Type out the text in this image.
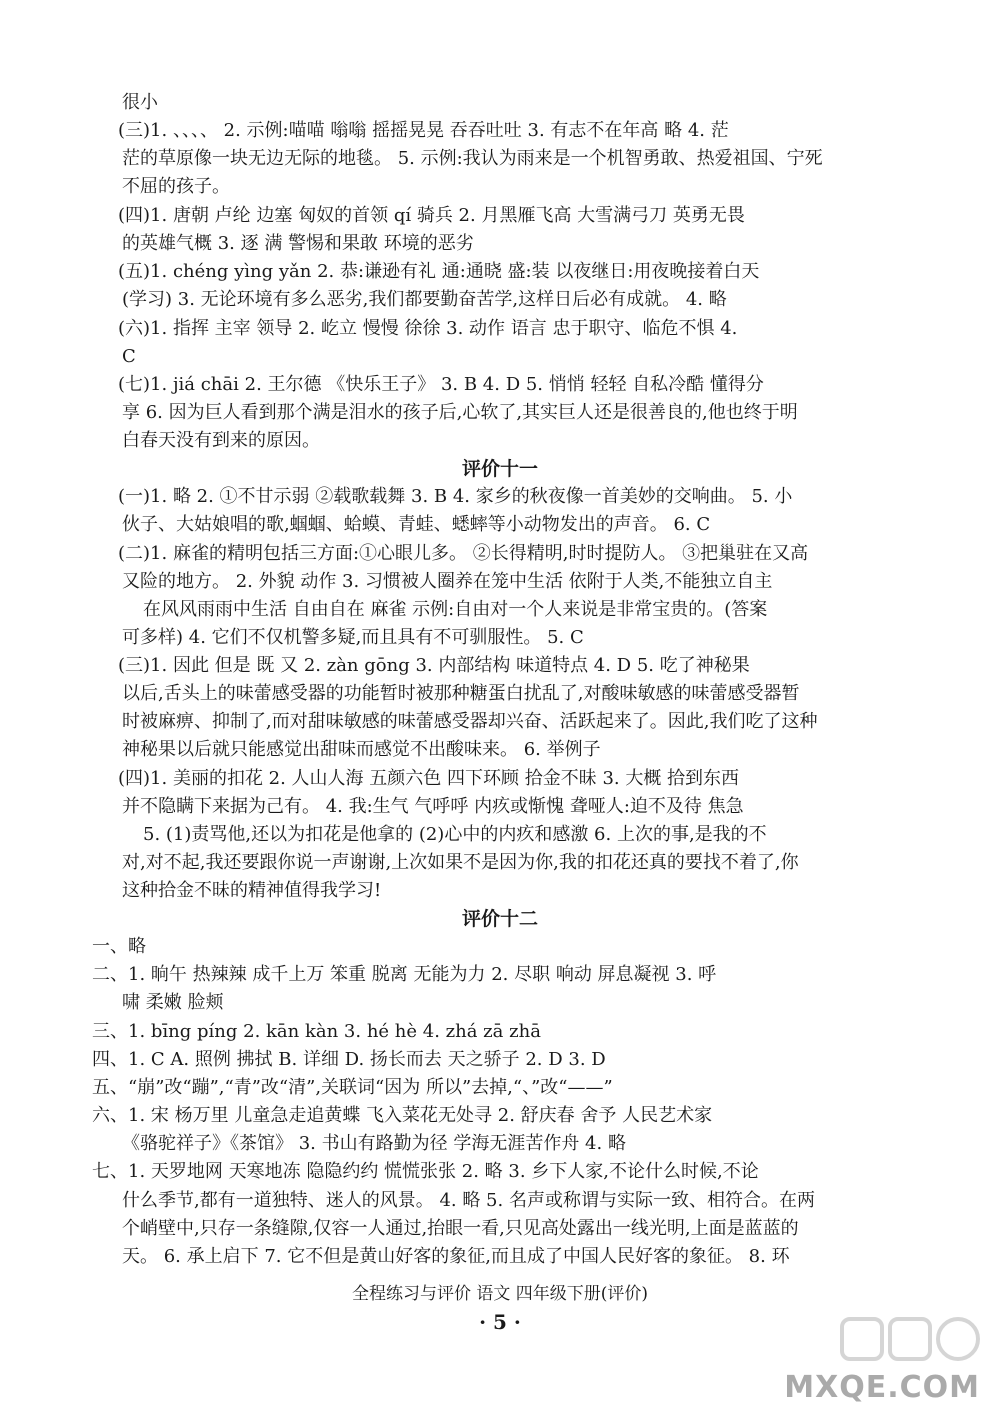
很小
(三)1. 、、、、 2. 示例:喵喵 嗡嗡 摇摇晃晃 吞吞吐吐 3. 有志不在年高 略 4. 茫
茫的草原像一块无边无际的地毯。 5. 示例:我认为雨来是一个机智勇敢、热爱祖国、宁死
不屈的孩子。
(四)1. 唐朝 卢纶 边塞 匈奴的首领 qí 骑兵 2. 月黑雁飞高 大雪满弓刀 英勇无畏
的英雄气概 3. 逐 满 警惕和果敢 环境的恶劣
(五)1. chéng yìng yǎn 2. 恭:谦逊有礼 通:通晓 盛:装 以夜继日:用夜晚接着白天
(学习) 3. 无论环境有多么恶劣,我们都要勤奋苦学,这样日后必有成就。 4. 略
(六)1. 指挥 主宰 领导 2. 屹立 慢慢 徐徐 3. 动作 语言 忠于职守、临危不惧 4.
C
(七)1. jiá chāi 2. 王尔德 《快乐王子》 3. B 4. D 5. 悄悄 轻轻 自私冷酷 懂得分
享 6. 因为巨人看到那个满是泪水的孩子后,心软了,其实巨人还是很善良的,他也终于明
白春天没有到来的原因。
评价十一
(一)1. 略 2. ①不甘示弱 ②载歌载舞 3. B 4. 家乡的秋夜像一首美妙的交响曲。 5. 小
伙子、大姑娘唱的歌,蝈蝈、蛤蟆、青蛙、蟋蟀等小动物发出的声音。 6. C
(二)1. 麻雀的精明包括三方面:①心眼儿多。 ②长得精明,时时提防人。 ③把巢驻在又高
又险的地方。 2. 外貌 动作 3. 习惯被人圈养在笼中生活 依附于人类,不能独立自主
在风风雨雨中生活 自由自在 麻雀 示例:自由对一个人来说是非常宝贵的。(答案
可多样) 4. 它们不仅机警多疑,而且具有不可驯服性。 5. C
(三)1. 因此 但是 既 又 2. zàn gōng 3. 内部结构 味道特点 4. D 5. 吃了神秘果
以后,舌头上的味蕾感受器的功能暂时被那种糖蛋白扰乱了,对酸味敏感的味蕾感受器暂
时被麻痹、抑制了,而对甜味敏感的味蕾感受器却兴奋、活跃起来了。因此,我们吃了这种
神秘果以后就只能感觉出甜味而感觉不出酸味来。 6. 举例子
(四)1. 美丽的扣花 2. 人山人海 五颜六色 四下环顾 拾金不昧 3. 大概 拾到东西
并不隐瞒下来据为己有。 4. 我:生气 气呼呼 内疚或惭愧 聋哑人:迫不及待 焦急
5. (1)责骂他,还以为扣花是他拿的 (2)心中的内疚和感激 6. 上次的事,是我的不
对,对不起,我还要跟你说一声谢谢,上次如果不是因为你,我的扣花还真的要找不着了,你
这种拾金不昧的精神值得我学习!
评价十二
一、略
二、1. 晌午 热辣辣 成千上万 笨重 脱离 无能为力 2. 尽职 响动 屏息凝视 3. 呼
啸 柔嫩 脸颊
三、1. bīng píng 2. kān kàn 3. hé hè 4. zhá zā zhā
四、1. C A. 照例 拂拭 B. 详细 D. 扬长而去 天之骄子 2. D 3. D
五、“崩”改“蹦”,“青”改“清”,关联词“因为 所以”去掉,“、”改“——”
六、1. 宋 杨万里 儿童急走追黄蝶 飞入菜花无处寻 2. 舒庆春 舍予 人民艺术家
《骆驼祥子》《茶馆》 3. 书山有路勤为径 学海无涯苦作舟 4. 略
七、1. 天罗地网 天寒地冻 隐隐约约 慌慌张张 2. 略 3. 乡下人家,不论什么时候,不论
什么季节,都有一道独特、迷人的风景。 4. 略 5. 名声或称谓与实际一致、相符合。在两
个峭壁中,只存一条缝隙,仅容一人通过,抬眼一看,只见高处露出一线光明,上面是蓝蓝的
天。 6. 承上启下 7. 它不但是黄山好客的象征,而且成了中国人民好客的象征。 8. 环
全程练习与评价 语文 四年级下册(评价)
· 5 ·
MXQE.COM
